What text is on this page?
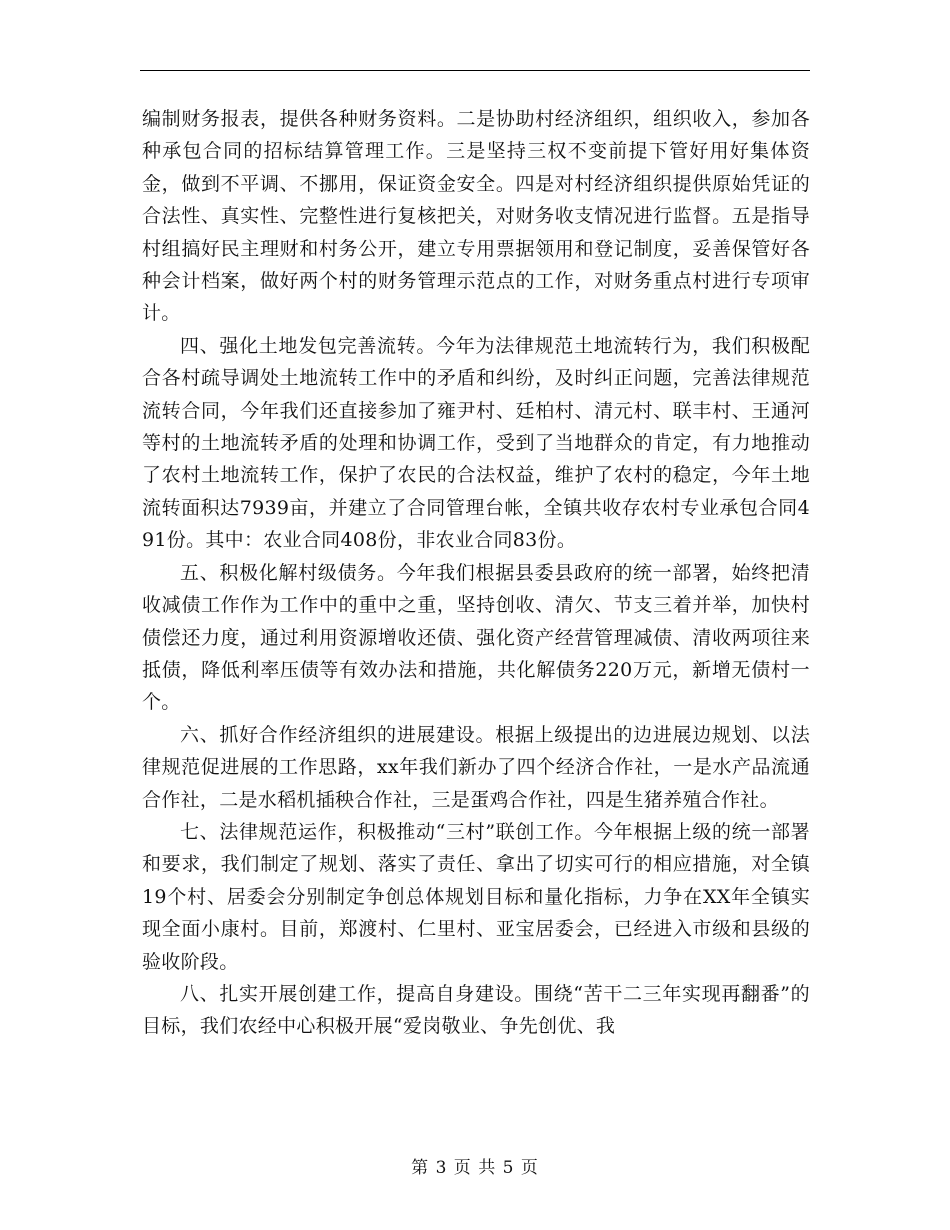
编制财务报表，提供各种财务资料。二是协助村经济组织，组织收入，参加各种承包合同的招标结算管理工作。三是坚持三权不变前提下管好用好集体资金，做到不平调、不挪用，保证资金安全。四是对村经济组织提供原始凭证的合法性、真实性、完整性进行复核把关，对财务收支情况进行监督。五是指导村组搞好民主理财和村务公开，建立专用票据领用和登记制度，妥善保管好各种会计档案，做好两个村的财务管理示范点的工作，对财务重点村进行专项审计。

四、强化土地发包完善流转。今年为法律规范土地流转行为，我们积极配合各村疏导调处土地流转工作中的矛盾和纠纷，及时纠正问题，完善法律规范流转合同，今年我们还直接参加了雍尹村、廷柏村、清元村、联丰村、王通河等村的土地流转矛盾的处理和协调工作，受到了当地群众的肯定，有力地推动了农村土地流转工作，保护了农民的合法权益，维护了农村的稳定，今年土地流转面积达7939亩，并建立了合同管理台帐，全镇共收存农村专业承包合同491份。其中：农业合同408份，非农业合同83份。

五、积极化解村级债务。今年我们根据县委县政府的统一部署，始终把清收减债工作作为工作中的重中之重，坚持创收、清欠、节支三着并举，加快村债偿还力度，通过利用资源增收还债、强化资产经营管理减债、清收两项往来抵债，降低利率压债等有效办法和措施，共化解债务220万元，新增无债村一个。

六、抓好合作经济组织的进展建设。根据上级提出的边进展边规划、以法律规范促进展的工作思路，xx年我们新办了四个经济合作社，一是水产品流通合作社，二是水稻机插秧合作社，三是蛋鸡合作社，四是生猪养殖合作社。

七、法律规范运作，积极推动“三村”联创工作。今年根据上级的统一部署和要求，我们制定了规划、落实了责任、拿出了切实可行的相应措施，对全镇19个村、居委会分别制定争创总体规划目标和量化指标，力争在XX年全镇实现全面小康村。目前，郑渡村、仁里村、亚宝居委会，已经进入市级和县级的验收阶段。

八、扎实开展创建工作，提高自身建设。围绕“苦干二三年实现再翻番”的目标，我们农经中心积极开展“爱岗敬业、争先创优、我

第 3 页 共 5 页
